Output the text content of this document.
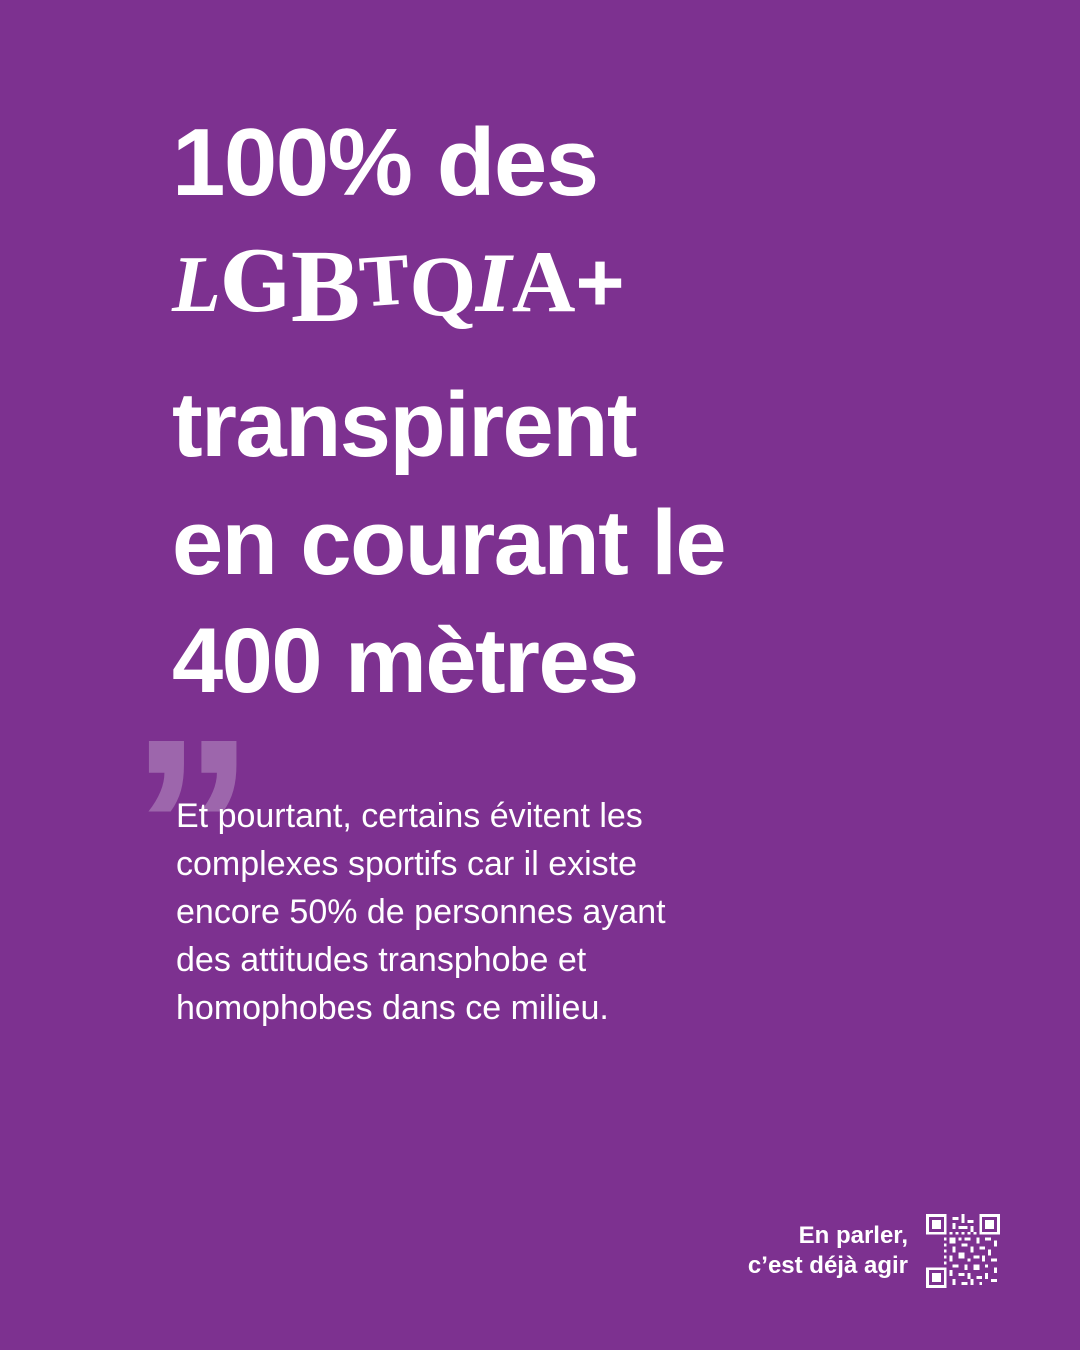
100% des
LGBTQIA+
transpirent
en courant le
400 mètres
”
Et pourtant, certains évitent les
complexes sportifs car il existe
encore 50% de personnes ayant
des attitudes transphobe et
homophobes dans ce milieu.
En parler,
c’est déjà agir
